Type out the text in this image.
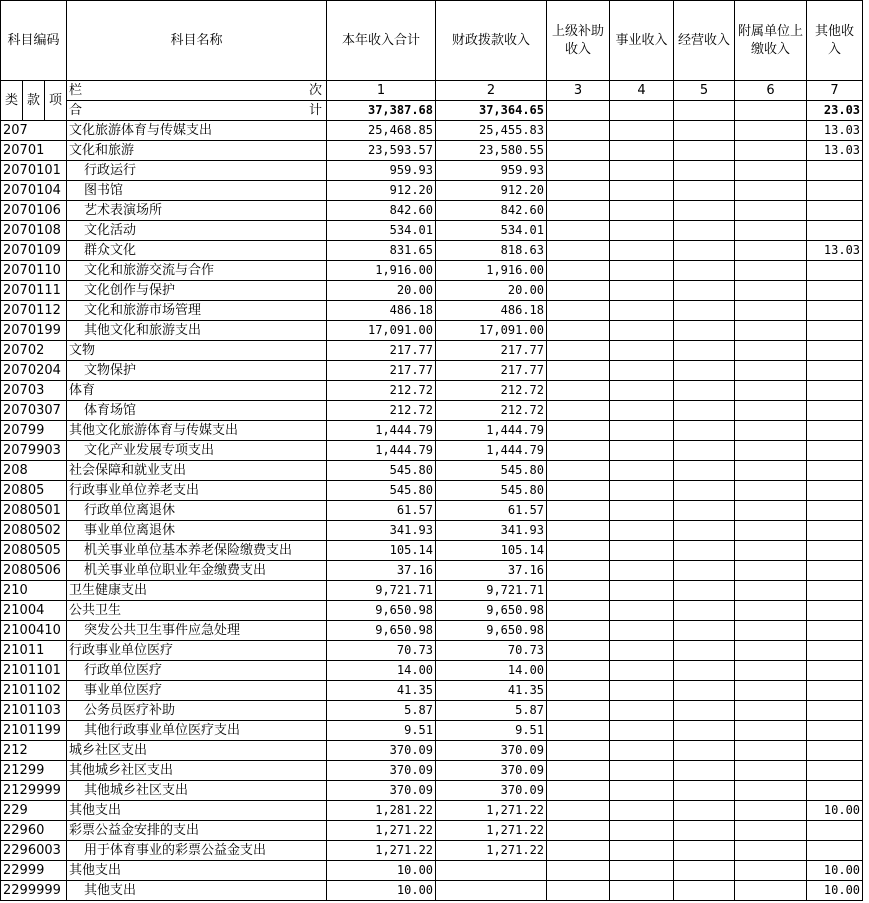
科目编码			科目名称	本年收入合计	财政拨款收入	上级补助收入	事业收入	经营收入	附属单位上缴收入	其他收入
类	款	项	栏 次	1	2	3	4	5	6	7

			合 计	37,387.68	37,364.65					23.03
207			文化旅游体育与传媒支出	25,468.85	25,455.83					13.03
20701			文化和旅游	23,593.57	23,580.55					13.03
2070101			行政运行	959.93	959.93					
2070104			图书馆	912.20	912.20					
2070106			艺术表演场所	842.60	842.60					
2070108			文化活动	534.01	534.01					
2070109			群众文化	831.65	818.63					13.03
2070110			文化和旅游交流与合作	1,916.00	1,916.00					
2070111			文化创作与保护	20.00	20.00					
2070112			文化和旅游市场管理	486.18	486.18					
2070199			其他文化和旅游支出	17,091.00	17,091.00					
20702			文物	217.77	217.77					
2070204			文物保护	217.77	217.77					
20703			体育	212.72	212.72					
2070307			体育场馆	212.72	212.72					
20799			其他文化旅游体育与传媒支出	1,444.79	1,444.79					
2079903			文化产业发展专项支出	1,444.79	1,444.79					
208			社会保障和就业支出	545.80	545.80					
20805			行政事业单位养老支出	545.80	545.80					
2080501			行政单位离退休	61.57	61.57					
2080502			事业单位离退休	341.93	341.93					
2080505			机关事业单位基本养老保险缴费支出	105.14	105.14					
2080506			机关事业单位职业年金缴费支出	37.16	37.16					
210			卫生健康支出	9,721.71	9,721.71					
21004			公共卫生	9,650.98	9,650.98					
2100410			突发公共卫生事件应急处理	9,650.98	9,650.98					
21011			行政事业单位医疗	70.73	70.73					
2101101			行政单位医疗	14.00	14.00					
2101102			事业单位医疗	41.35	41.35					
2101103			公务员医疗补助	5.87	5.87					
2101199			其他行政事业单位医疗支出	9.51	9.51					
212			城乡社区支出	370.09	370.09					
21299			其他城乡社区支出	370.09	370.09					
2129999			其他城乡社区支出	370.09	370.09					
229			其他支出	1,281.22	1,271.22					10.00
22960			彩票公益金安排的支出	1,271.22	1,271.22					
2296003			用于体育事业的彩票公益金支出	1,271.22	1,271.22					
22999			其他支出	10.00						10.00
2299999			其他支出	10.00						10.00
